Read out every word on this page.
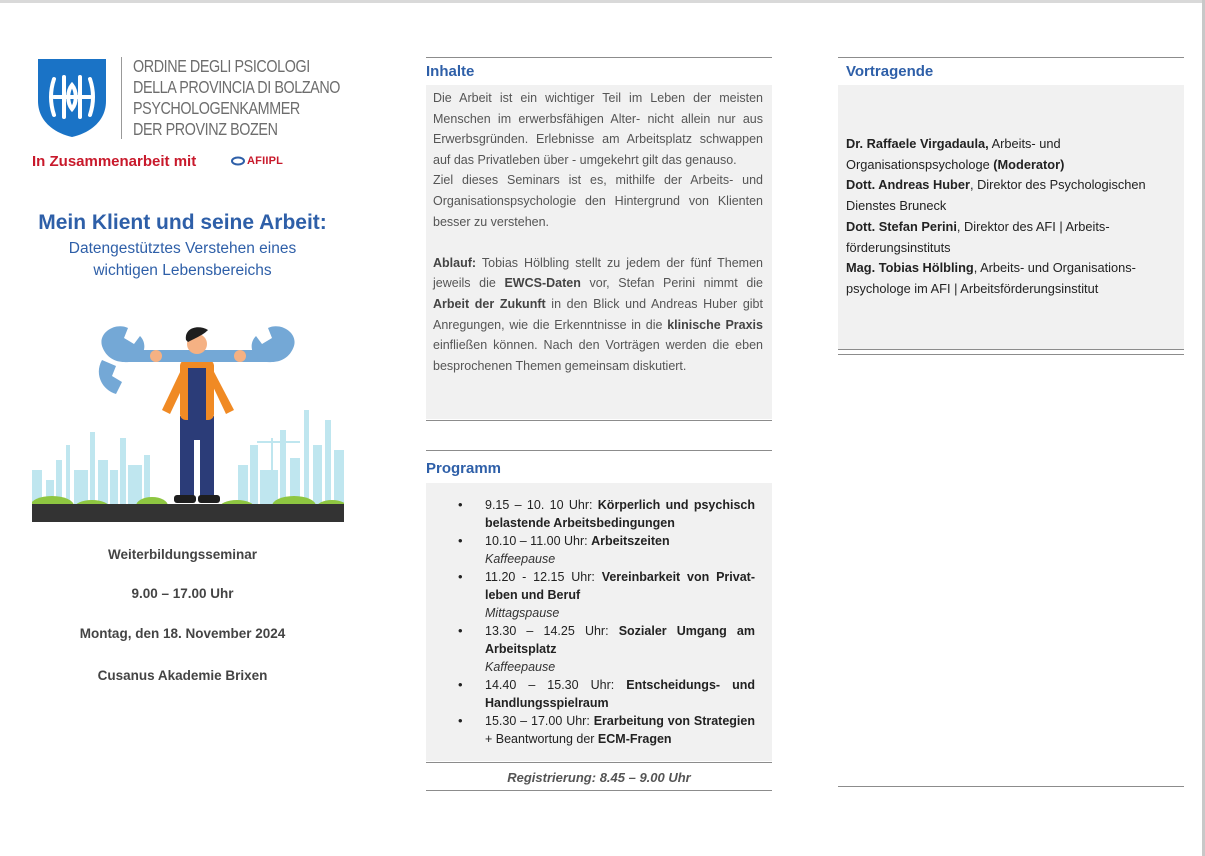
ORDINE DEGLI PSICOLOGI
DELLA PROVINCIA DI BOLZANO
PSYCHOLOGENKAMMER
DER PROVINZ BOZEN
In Zusammenarbeit mit	AFIIPL
Mein Klient und seine Arbeit:
Datengestütztes Verstehen eines
wichtigen Lebensbereichs
Weiterbildungsseminar
9.00 – 17.00 Uhr
Montag, den 18. November 2024
Cusanus Akademie Brixen
Inhalte

Die Arbeit ist ein wichtiger Teil im Leben der meisten Menschen im erwerbsfähigen Alter- nicht allein nur aus Erwerbsgründen. Erlebnisse am Arbeitsplatz schwappen auf das Privatleben über - umgekehrt gilt das genauso.

Ziel dieses Seminars ist es, mithilfe der Arbeits- und Organisationspsychologie den Hintergrund von Klienten besser zu verstehen.

Ablauf: Tobias Hölbling stellt zu jedem der fünf Themen jeweils die EWCS-Daten vor, Stefan Perini nimmt die Arbeit der Zukunft in den Blick und Andreas Huber gibt Anregungen, wie die Erkenntnisse in die klinische Praxis einfließen können. Nach den Vorträgen werden die eben besprochenen Themen gemeinsam diskutiert.

Programm
• 9.15 – 10. 10 Uhr: Körperlich und psychisch belastende Arbeitsbedingungen
• 10.10 – 11.00 Uhr: Arbeitszeiten
Kaffeepause
• 11.20 - 12.15 Uhr: Vereinbarkeit von Privat-leben und Beruf
Mittagspause
• 13.30 – 14.25 Uhr: Sozialer Umgang am Arbeitsplatz
Kaffeepause
• 14.40 – 15.30 Uhr: Entscheidungs- und Handlungsspielraum
• 15.30 – 17.00 Uhr: Erarbeitung von Strategien + Beantwortung der ECM-Fragen
Registrierung: 8.45 – 9.00 Uhr
Vortragende
Dr. Raffaele Virgadaula, Arbeits- und Organisationspsychologe (Moderator)
Dott. Andreas Huber, Direktor des Psychologischen Dienstes Bruneck
Dott. Stefan Perini, Direktor des AFI | Arbeits-förderungsinstituts
Mag. Tobias Hölbling, Arbeits- und Organisations-psychologe im AFI | Arbeitsförderungsinstitut
